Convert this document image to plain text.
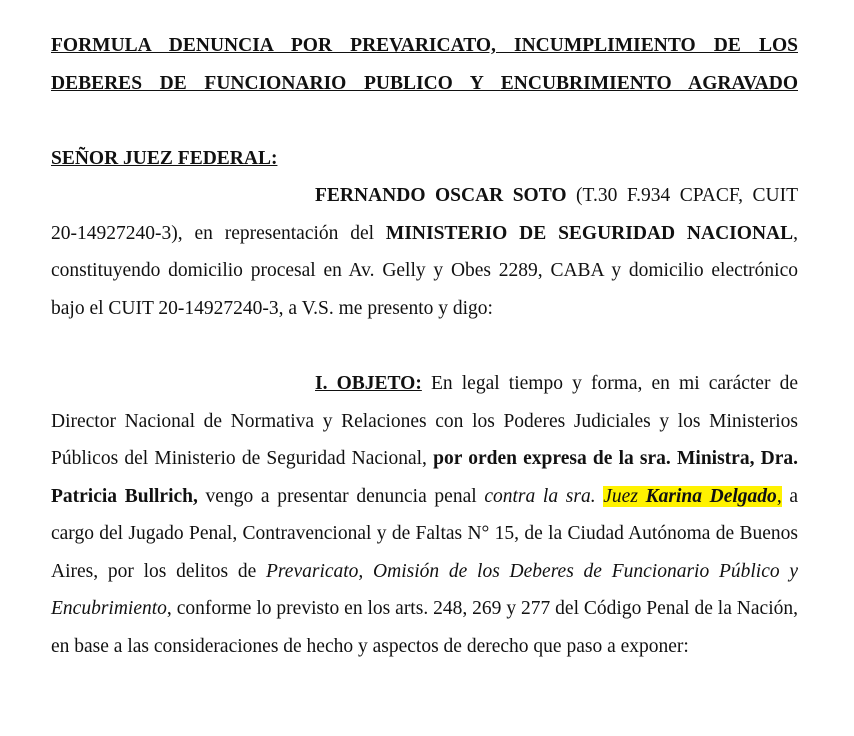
FORMULA DENUNCIA POR PREVARICATO, INCUMPLIMIENTO DE LOS
DEBERES DE FUNCIONARIO PUBLICO Y ENCUBRIMIENTO AGRAVADO
SEÑOR JUEZ FEDERAL:
FERNANDO OSCAR SOTO (T.30 F.934 CPACF, CUIT 20-14927240-3), en representación del MINISTERIO DE SEGURIDAD NACIONAL, constituyendo domicilio procesal en Av. Gelly y Obes 2289, CABA y domicilio electrónico bajo el CUIT 20-14927240-3, a V.S. me presento y digo:
I. OBJETO: En legal tiempo y forma, en mi carácter de Director Nacional de Normativa y Relaciones con los Poderes Judiciales y los Ministerios Públicos del Ministerio de Seguridad Nacional, por orden expresa de la sra. Ministra, Dra. Patricia Bullrich, vengo a presentar denuncia penal contra la sra. Juez Karina Delgado, a cargo del Jugado Penal, Contravencional y de Faltas N° 15, de la Ciudad Autónoma de Buenos Aires, por los delitos de Prevaricato, Omisión de los Deberes de Funcionario Público y Encubrimiento, conforme lo previsto en los arts. 248, 269 y 277 del Código Penal de la Nación, en base a las consideraciones de hecho y aspectos de derecho que paso a exponer:
